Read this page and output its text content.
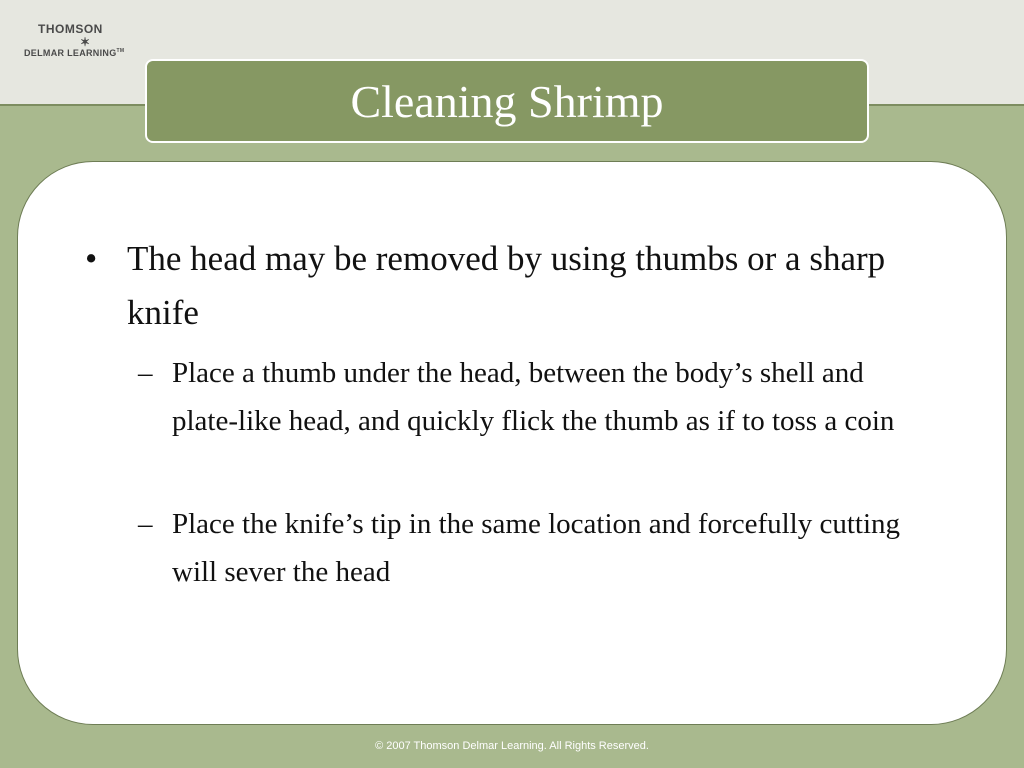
THOMSON
✶
DELMAR LEARNING™
Cleaning Shrimp
• The head may be removed by using thumbs or a sharp knife
– Place a thumb under the head, between the body’s shell and plate-like head, and quickly flick the thumb as if to toss a coin
– Place the knife’s tip in the same location and forcefully cutting will sever the head
© 2007 Thomson Delmar Learning. All Rights Reserved.
